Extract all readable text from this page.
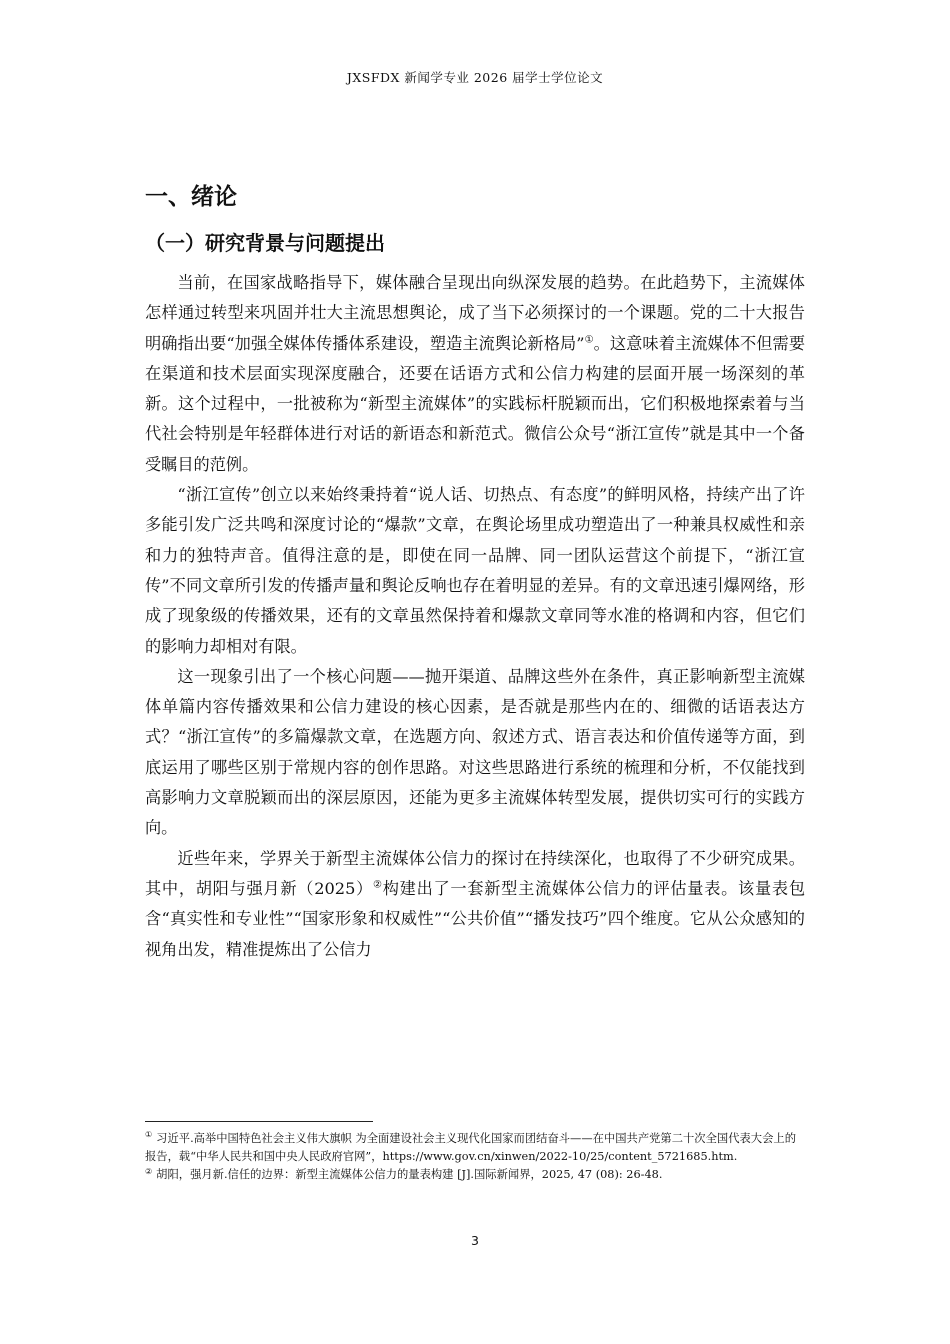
JXSFDX 新闻学专业 2026 届学士学位论文
一、绪论
（一）研究背景与问题提出

当前，在国家战略指导下，媒体融合呈现出向纵深发展的趋势。在此趋势下，主流媒体怎样通过转型来巩固并壮大主流思想舆论，成了当下必须探讨的一个课题。党的二十大报告明确指出要“加强全媒体传播体系建设，塑造主流舆论新格局”①。这意味着主流媒体不但需要在渠道和技术层面实现深度融合，还要在话语方式和公信力构建的层面开展一场深刻的革新。这个过程中，一批被称为“新型主流媒体”的实践标杆脱颖而出，它们积极地探索着与当代社会特别是年轻群体进行对话的新语态和新范式。微信公众号“浙江宣传”就是其中一个备受瞩目的范例。

“浙江宣传”创立以来始终秉持着“说人话、切热点、有态度”的鲜明风格，持续产出了许多能引发广泛共鸣和深度讨论的“爆款”文章，在舆论场里成功塑造出了一种兼具权威性和亲和力的独特声音。值得注意的是，即使在同一品牌、同一团队运营这个前提下，“浙江宣传”不同文章所引发的传播声量和舆论反响也存在着明显的差异。有的文章迅速引爆网络，形成了现象级的传播效果，还有的文章虽然保持着和爆款文章同等水准的格调和内容，但它们的影响力却相对有限。

这一现象引出了一个核心问题——抛开渠道、品牌这些外在条件，真正影响新型主流媒体单篇内容传播效果和公信力建设的核心因素，是否就是那些内在的、细微的话语表达方式？“浙江宣传”的多篇爆款文章，在选题方向、叙述方式、语言表达和价值传递等方面，到底运用了哪些区别于常规内容的创作思路。对这些思路进行系统的梳理和分析，不仅能找到高影响力文章脱颖而出的深层原因，还能为更多主流媒体转型发展，提供切实可行的实践方向。

近些年来，学界关于新型主流媒体公信力的探讨在持续深化，也取得了不少研究成果。其中，胡阳与强月新（2025）②构建出了一套新型主流媒体公信力的评估量表。该量表包含“真实性和专业性”“国家形象和权威性”“公共价值”“播发技巧”四个维度。它从公众感知的视角出发，精准提炼出了公信力

① 习近平.高举中国特色社会主义伟大旗帜 为全面建设社会主义现代化国家而团结奋斗——在中国共产党第二十次全国代表大会上的报告，载“中华人民共和国中央人民政府官网”，https://www.gov.cn/xinwen/2022-10/25/content_5721685.htm.

② 胡阳，强月新.信任的边界：新型主流媒体公信力的量表构建 [J].国际新闻界，2025, 47 (08): 26-48.

3
